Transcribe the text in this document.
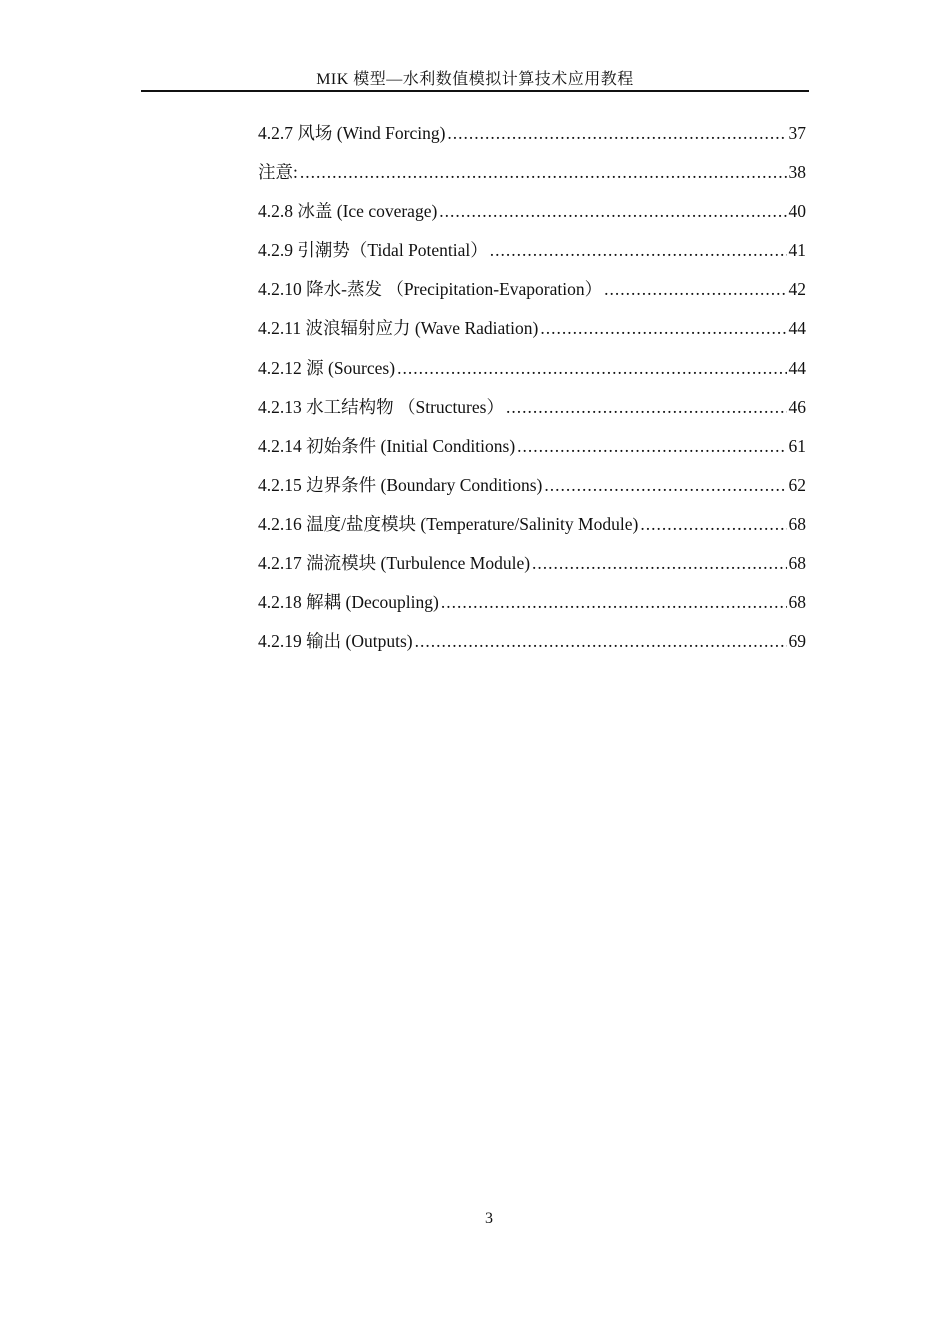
MIK 模型—水利数值模拟计算技术应用教程
4.2.7 风场 (Wind Forcing) .....	37
注意: .....	38
4.2.8 冰盖 (Ice coverage) .....	40
4.2.9 引潮势（Tidal Potential） .....	41
4.2.10 降水-蒸发 （Precipitation-Evaporation） .....	42
4.2.11 波浪辐射应力 (Wave Radiation) .....	44
4.2.12 源 (Sources) .....	44
4.2.13 水工结构物 （Structures） .....	46
4.2.14 初始条件 (Initial Conditions) .....	61
4.2.15 边界条件 (Boundary Conditions) .....	62
4.2.16 温度/盐度模块 (Temperature/Salinity Module) .....	68
4.2.17 湍流模块 (Turbulence Module) .....	68
4.2.18 解耦 (Decoupling) .....	68
4.2.19 输出 (Outputs) .....	69
3
